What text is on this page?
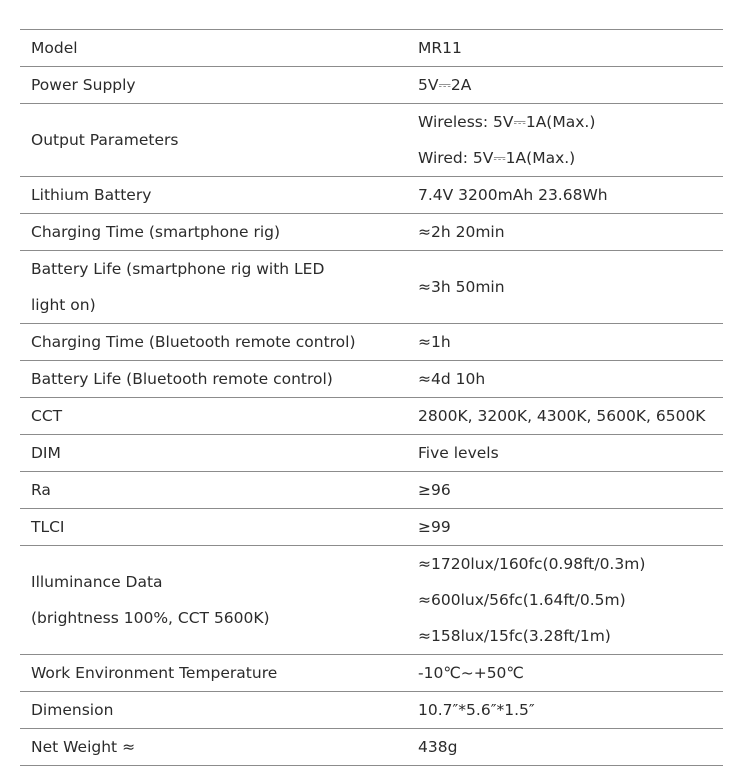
Model	MR11

Power Supply	5V⎓2A

Output Parameters	Wireless: 5V⎓1A(Max.)
Wired: 5V⎓1A(Max.)

Lithium Battery	7.4V 3200mAh 23.68Wh

Charging Time (smartphone rig)	≈2h 20min

Battery Life (smartphone rig with LED
light on)	≈3h 50min

Charging Time (Bluetooth remote control)	≈1h

Battery Life (Bluetooth remote control)	≈4d 10h

CCT	2800K, 3200K, 4300K, 5600K, 6500K

DIM	Five levels

Ra	≥96

TLCI	≥99

Illuminance Data
(brightness 100%, CCT 5600K)	≈1720lux/160fc(0.98ft/0.3m)
≈600lux/56fc(1.64ft/0.5m)
≈158lux/15fc(3.28ft/1m)

Work Environment Temperature	-10℃~+50℃

Dimension	10.7″*5.6″*1.5″

Net Weight ≈	438g
